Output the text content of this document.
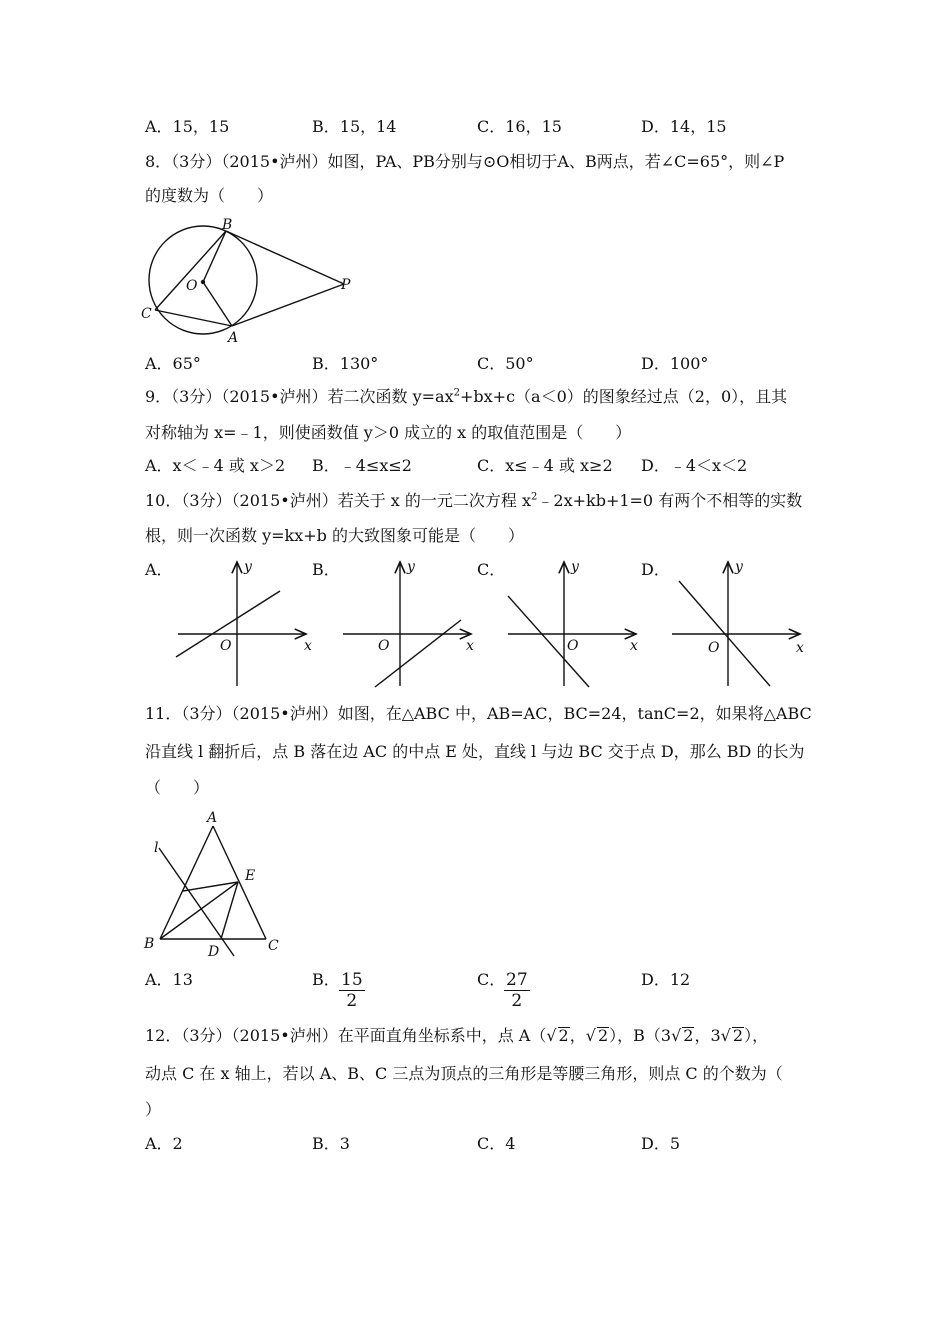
A．15，15	B．15，14	C．16，15	D．14，15
8．（3分）（2015•泸州）如图，PA、PB分别与⊙O相切于A、B两点，若∠C=65°，则∠P
的度数为（　　）
B
O	P
C
A
A．65°	B．130°	C．50°	D．100°
9．（3分）（2015•泸州）若二次函数 $y=ax^2+bx+c(a<0)$的图象经过点（2，0），且其
对称轴为 x=﹣1，则使函数值 y＞0 成立的 x 的取值范围是（　　）
A．x＜﹣4 或 x＞2 B．﹣4≤x≤2	C．x≤﹣4 或 x≥2 D．﹣4＜x＜2
10．（3分）（2015•泸州）若关于 x 的一元二次方程 $x^2﹣2x+kb+1=0$ 有两个不相等的实数
根，则一次函数 y=kx+b 的大致图象可能是（　　）
A．	B．	C．	D．
y
O	x
y
O	x
y
O	x
y
O	x
11．（3分）（2015•泸州）如图，在△ABC 中，AB=AC，BC=24，tanC=2，如果将△ABC
沿直线 l 翻折后，点 B 落在边 AC 的中点 E 处，直线 l 与边 BC 交于点 D，那么 BD 的长为
（　　）
A
l
E
B	D	C
A．13	B． $\frac{15}{2}$	C．
$\frac{27}{2}$	D．12
12．（3分）（2015•泸州）在平面直角坐标系中，点 A（√ 2，√ 2），B（3√ 2，3√ 2），
动点 C 在 x 轴上，若以 A、B、C 三点为顶点的三角形是等腰三角形，则点 C 的个数为（
）
A．2	B．3	C．4	D．5
